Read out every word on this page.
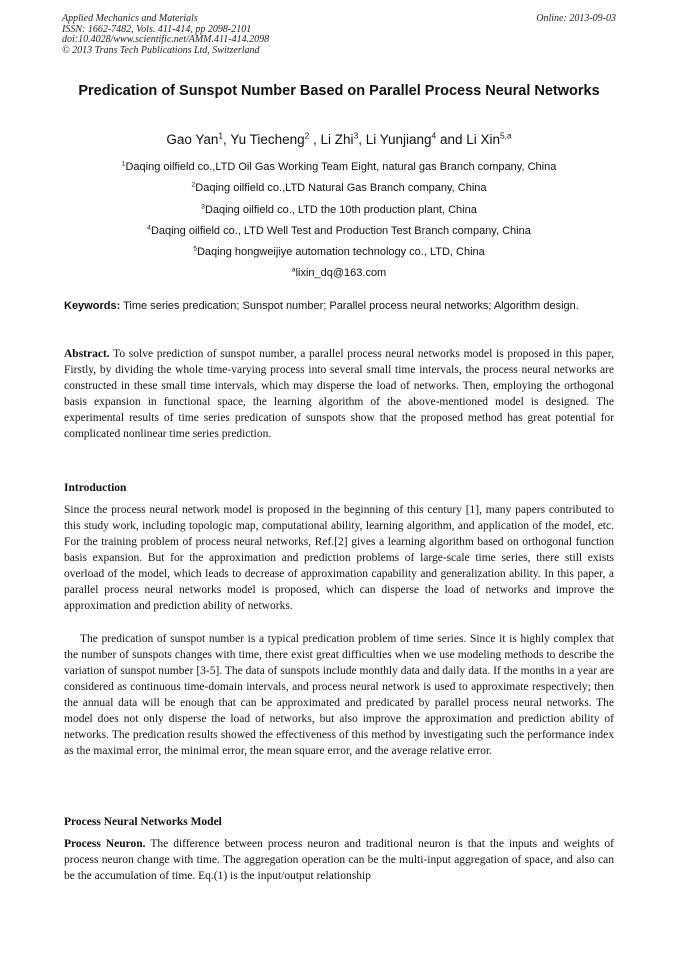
Applied Mechanics and Materials
ISSN: 1662-7482, Vols. 411-414, pp 2098-2101
doi:10.4028/www.scientific.net/AMM.411-414.2098
© 2013 Trans Tech Publications Ltd, Switzerland
Online: 2013-09-03
Predication of Sunspot Number Based on Parallel Process Neural Networks
Gao Yan$^1$, Yu Tiecheng$^2$ , Li Zhi$^3$, Li Yunjiang$^4$ and Li Xin$^{5,a}$
$^1$Daqing oilfield co.,LTD Oil Gas Working Team Eight, natural gas Branch company, China
$^2$Daqing oilfield co.,LTD Natural Gas Branch company, China
$^3$Daqing oilfield co., LTD the 10th production plant, China
$^4$Daqing oilfield co., LTD Well Test and Production Test Branch company, China
$^5$Daqing hongweijiye automation technology co., LTD, China
$^a$lixin_dq@163.com
Keywords: Time series predication; Sunspot number; Parallel process neural networks; Algorithm design.
Abstract. To solve prediction of sunspot number, a parallel process neural networks model is proposed in this paper, Firstly, by dividing the whole time-varying process into several small time intervals, the process neural networks are constructed in these small time intervals, which may disperse the load of networks. Then, employing the orthogonal basis expansion in functional space, the learning algorithm of the above-mentioned model is designed. The experimental results of time series predication of sunspots show that the proposed method has great potential for complicated nonlinear time series prediction.
Introduction
Since the process neural network model is proposed in the beginning of this century [1], many papers contributed to this study work, including topologic map, computational ability, learning algorithm, and application of the model, etc. For the training problem of process neural networks, Ref.[2] gives a learning algorithm based on orthogonal function basis expansion. But for the approximation and prediction problems of large-scale time series, there still exists overload of the model, which leads to decrease of approximation capability and generalization ability. In this paper, a parallel process neural networks model is proposed, which can disperse the load of networks and improve the approximation and prediction ability of networks.
The predication of sunspot number is a typical predication problem of time series. Since it is highly complex that the number of sunspots changes with time, there exist great difficulties when we use modeling methods to describe the variation of sunspot number [3-5]. The data of sunspots include monthly data and daily data. If the months in a year are considered as continuous time-domain intervals, and process neural network is used to approximate respectively; then the annual data will be enough that can be approximated and predicated by parallel process neural networks. The model does not only disperse the load of networks, but also improve the approximation and prediction ability of networks. The predication results showed the effectiveness of this method by investigating such the performance index as the maximal error, the minimal error, the mean square error, and the average relative error.
Process Neural Networks Model
Process Neuron. The difference between process neuron and traditional neuron is that the inputs and weights of process neuron change with time. The aggregation operation can be the multi-input aggregation of space, and also can be the accumulation of time. Eq.(1) is the input/output relationship
